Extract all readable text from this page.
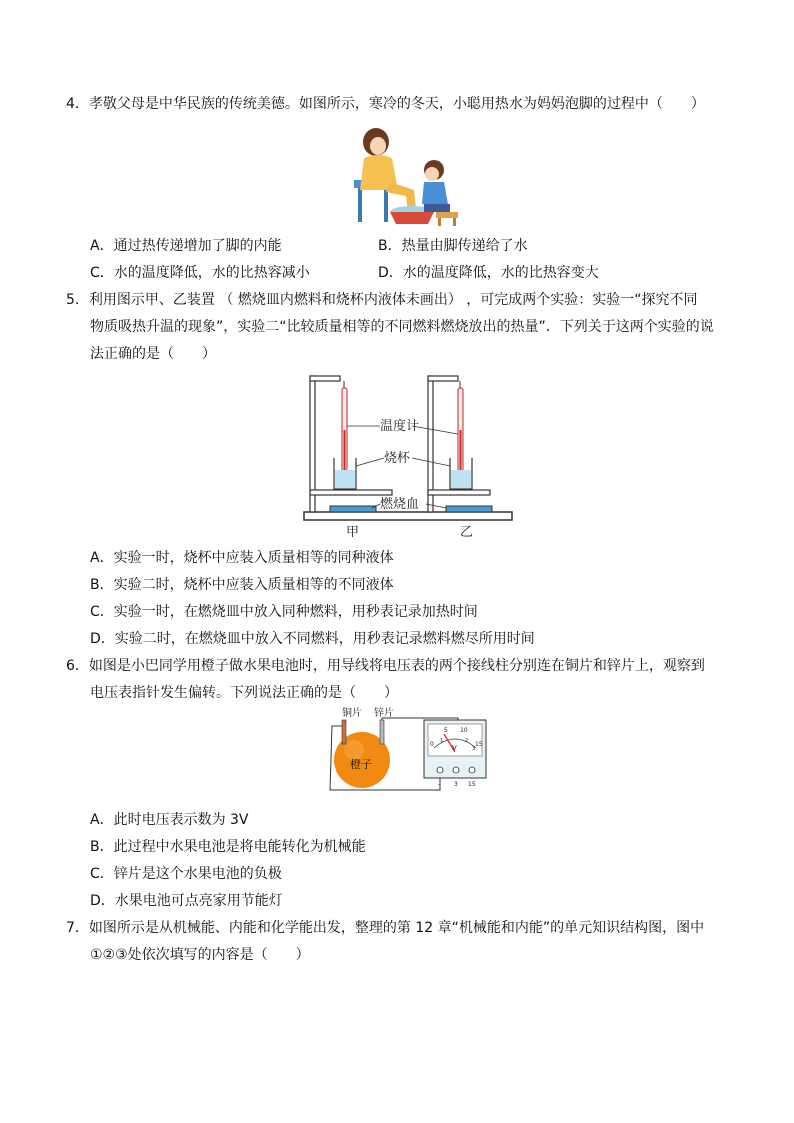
4．孝敬父母是中华民族的传统美德。如图所示，寒冷的冬天，小聪用热水为妈妈泡脚的过程中（　　）
A．通过热传递增加了脚的内能	B．热量由脚传递给了水
C．水的温度降低，水的比热容减小	D．水的温度降低，水的比热容变大
5．利用图示甲、乙装置 （ 燃烧皿内燃料和烧杯内液体未画出） ，可完成两个实验：实验一“探究不同
物质吸热升温的现象”，实验二“比较质量相等的不同燃料燃烧放出的热量”．下列关于这两个实验的说
法正确的是（　　）
温度计
烧杯
燃烧血
甲	乙
A．实验一时，烧杯中应装入质量相等的同种液体
B．实验二时，烧杯中应装入质量相等的不同液体
C．实验一时，在燃烧皿中放入同种燃料，用秒表记录加热时间
D．实验二时，在燃烧皿中放入不同燃料，用秒表记录燃料燃尽所用时间
6．如图是小巴同学用橙子做水果电池时，用导线将电压表的两个接线柱分别连在铜片和锌片上，观察到
电压表指针发生偏转。下列说法正确的是（　　）
铜片 锌片
橙子
0
5 10
15
1	2
3
V
- 3 15
A．此时电压表示数为 3V
B．此过程中水果电池是将电能转化为机械能
C．锌片是这个水果电池的负极
D．水果电池可点亮家用节能灯
7．如图所示是从机械能、内能和化学能出发，整理的第 12 章“机械能和内能”的单元知识结构图，图中
①②③处依次填写的内容是（　　）
